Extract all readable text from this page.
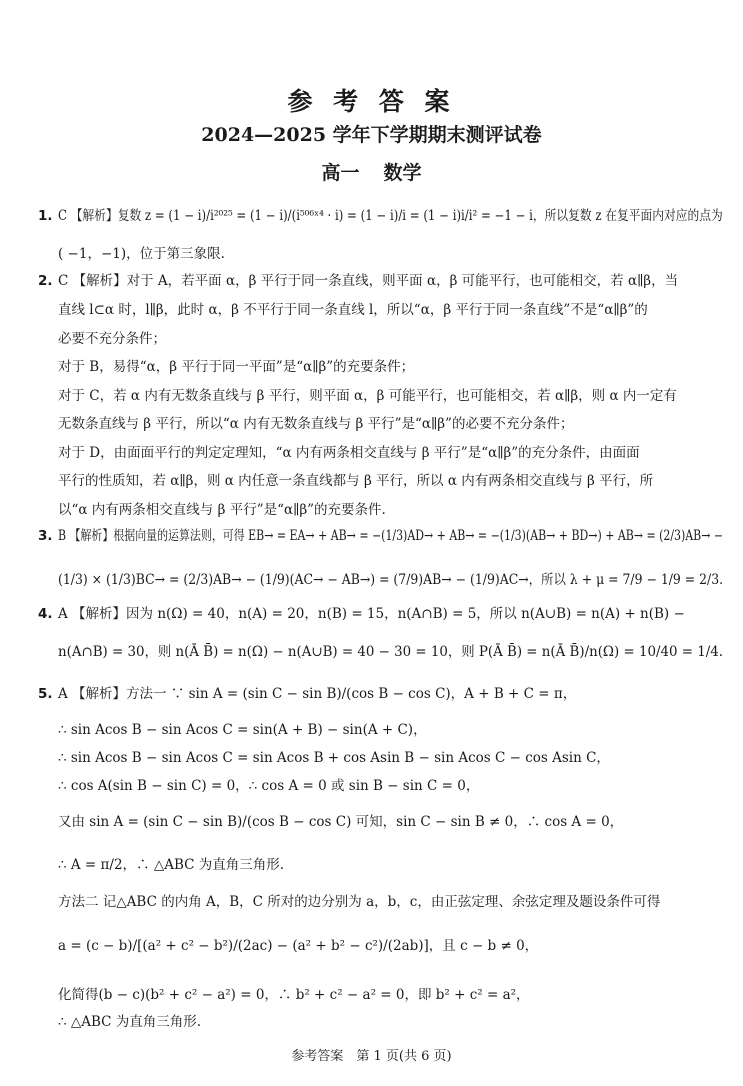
参 考 答 案
2024—2025 学年下学期期末测评试卷
高一 数学
1. C 【解析】复数 z = (1 − i)/i²⁰²⁵ = (1 − i)/(i⁵⁰⁶ˣ⁴ · i) = (1 − i)/i = (1 − i)i/i² = −1 − i，所以复数 z 在复平面内对应的点为
( −1，−1)，位于第三象限.
2. C 【解析】对于 A，若平面 α，β 平行于同一条直线，则平面 α，β 可能平行，也可能相交，若 α∥β，当
直线 l⊂α 时，l∥β，此时 α，β 不平行于同一条直线 l，所以“α，β 平行于同一条直线”不是“α∥β”的
必要不充分条件；
对于 B，易得“α，β 平行于同一平面”是“α∥β”的充要条件；
对于 C，若 α 内有无数条直线与 β 平行，则平面 α，β 可能平行，也可能相交，若 α∥β，则 α 内一定有
无数条直线与 β 平行，所以“α 内有无数条直线与 β 平行”是“α∥β”的必要不充分条件；
对于 D，由面面平行的判定定理知，“α 内有两条相交直线与 β 平行”是“α∥β”的充分条件，由面面
平行的性质知，若 α∥β，则 α 内任意一条直线都与 β 平行，所以 α 内有两条相交直线与 β 平行，所
以“α 内有两条相交直线与 β 平行”是“α∥β”的充要条件.
3. B 【解析】根据向量的运算法则，可得 EB→ = EA→ + AB→ = −(1/3)AD→ + AB→ = −(1/3)(AB→ + BD→) + AB→ = (2/3)AB→ −
(1/3) × (1/3)BC→ = (2/3)AB→ − (1/9)(AC→ − AB→) = (7/9)AB→ − (1/9)AC→，所以 λ + μ = 7/9 − 1/9 = 2/3.
4. A 【解析】因为 n(Ω) = 40，n(A) = 20，n(B) = 15，n(A∩B) = 5，所以 n(A∪B) = n(A) + n(B) −
n(A∩B) = 30，则 n(Ā B̄) = n(Ω) − n(A∪B) = 40 − 30 = 10，则 P(Ā B̄) = n(Ā B̄)/n(Ω) = 10/40 = 1/4.
5. A 【解析】方法一 ∵ sin A = (sin C − sin B)/(cos B − cos C)，A + B + C = π，
∴ sin Acos B − sin Acos C = sin(A + B) − sin(A + C)，
∴ sin Acos B − sin Acos C = sin Acos B + cos Asin B − sin Acos C − cos Asin C，
∴ cos A(sin B − sin C) = 0，∴ cos A = 0 或 sin B − sin C = 0，
又由 sin A = (sin C − sin B)/(cos B − cos C) 可知，sin C − sin B ≠ 0，∴ cos A = 0，
∴ A = π/2，∴ △ABC 为直角三角形.
方法二 记△ABC 的内角 A，B，C 所对的边分别为 a，b，c，由正弦定理、余弦定理及题设条件可得
a = (c − b)/[(a² + c² − b²)/(2ac) − (a² + b² − c²)/(2ab)]，且 c − b ≠ 0，
化简得(b − c)(b² + c² − a²) = 0，∴ b² + c² − a² = 0，即 b² + c² = a²，
∴ △ABC 为直角三角形.
参考答案　第 1 页(共 6 页)
